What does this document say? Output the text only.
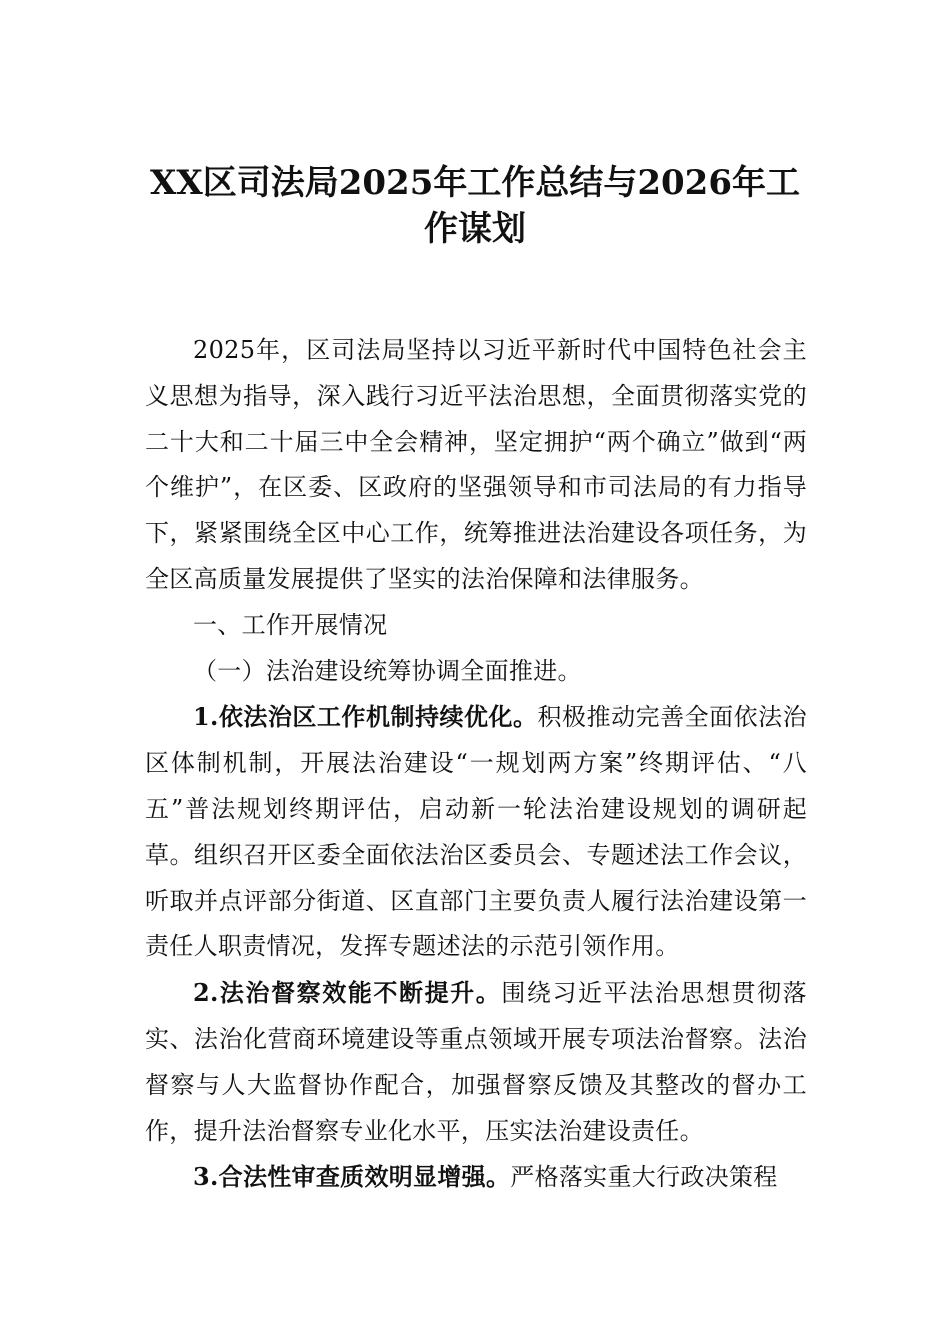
XX区司法局2025年工作总结与2026年工
作谋划

2025年，区司法局坚持以习近平新时代中国特色社会主义思想为指导，深入践行习近平法治思想，全面贯彻落实党的二十大和二十届三中全会精神，坚定拥护“两个确立”做到“两个维护”，在区委、区政府的坚强领导和市司法局的有力指导下，紧紧围绕全区中心工作，统筹推进法治建设各项任务，为全区高质量发展提供了坚实的法治保障和法律服务。

一、工作开展情况

（一）法治建设统筹协调全面推进。

1.依法治区工作机制持续优化。积极推动完善全面依法治区体制机制，开展法治建设“一规划两方案”终期评估、“八五”普法规划终期评估，启动新一轮法治建设规划的调研起草。组织召开区委全面依法治区委员会、专题述法工作会议，听取并点评部分街道、区直部门主要负责人履行法治建设第一责任人职责情况，发挥专题述法的示范引领作用。

2.法治督察效能不断提升。围绕习近平法治思想贯彻落实、法治化营商环境建设等重点领域开展专项法治督察。法治督察与人大监督协作配合，加强督察反馈及其整改的督办工作，提升法治督察专业化水平，压实法治建设责任。

3.合法性审查质效明显增强。严格落实重大行政决策程
